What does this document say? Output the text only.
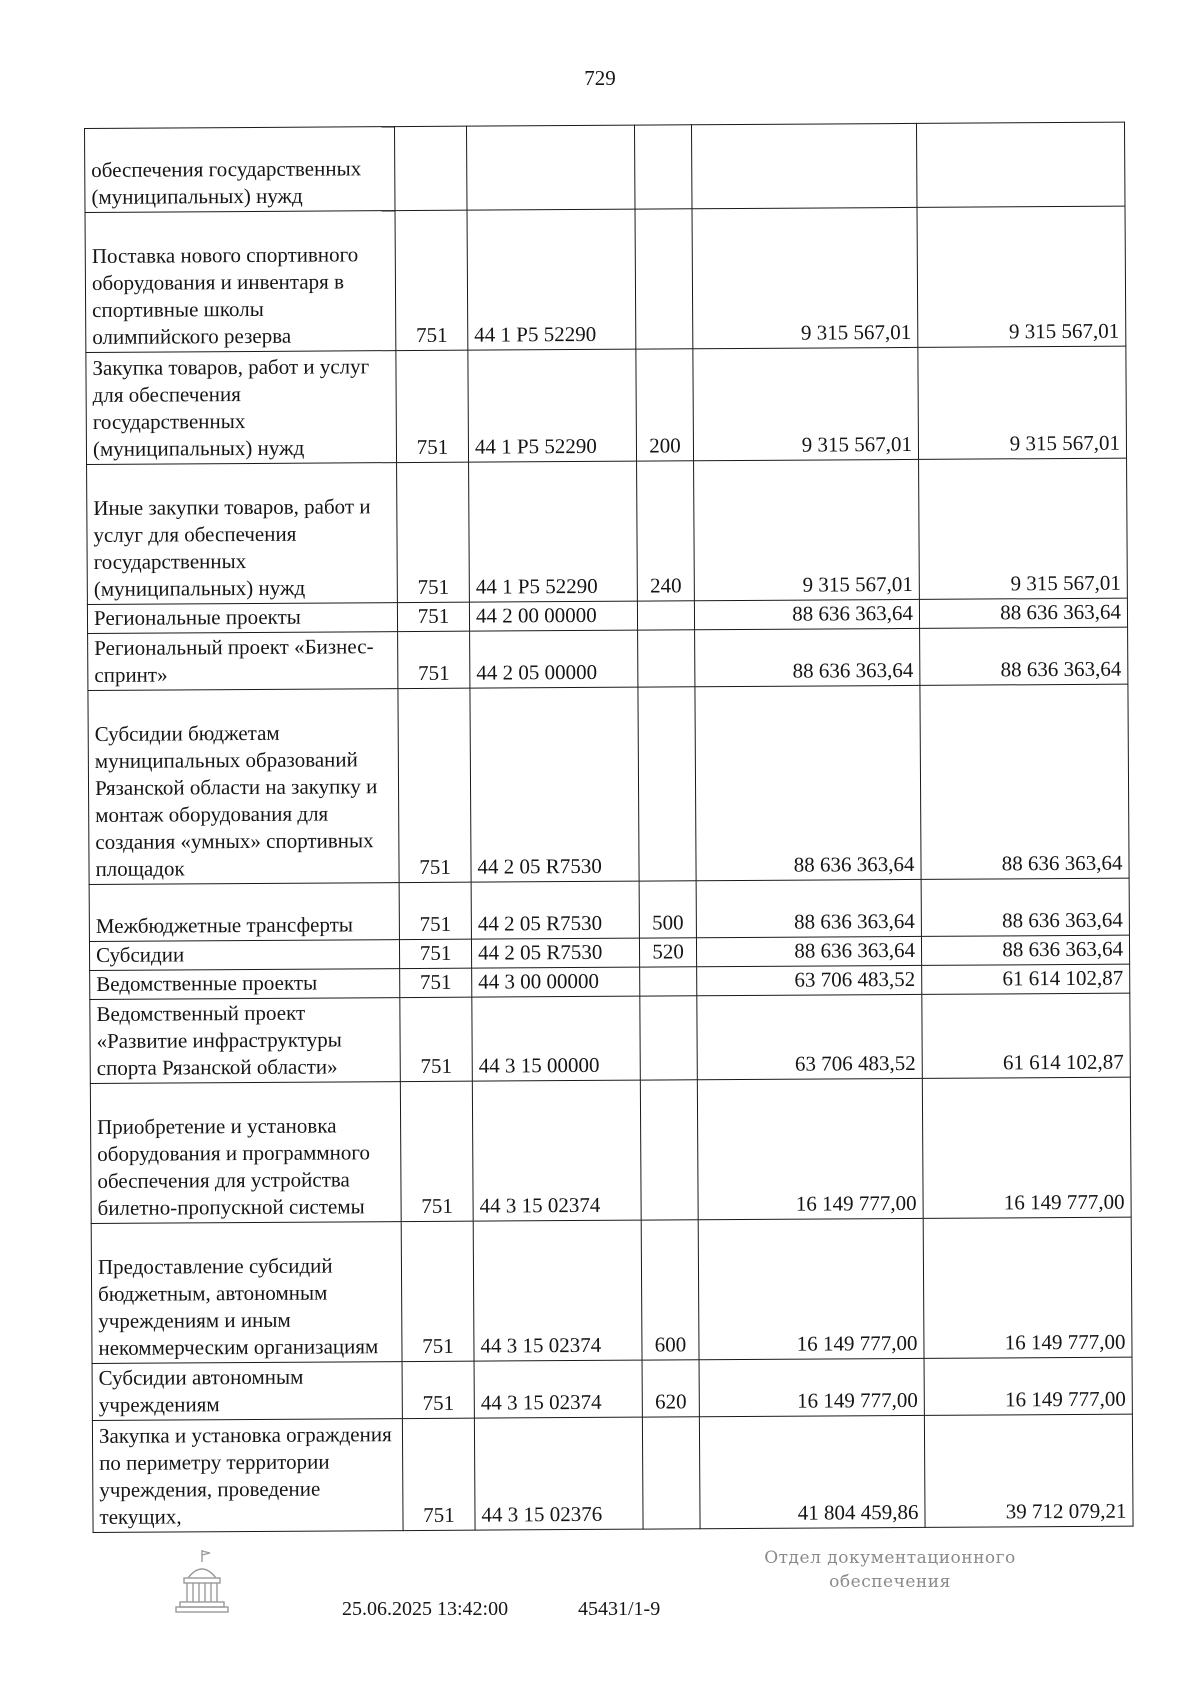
729
обеспечения государственных (муниципальных) нужд					
Поставка нового спортивного оборудования и инвентаря в спортивные школы олимпийского резерва	751	44 1 P5 52290		9 315 567,01	9 315 567,01
Закупка товаров, работ и услуг для обеспечения государственных (муниципальных) нужд	751	44 1 P5 52290	200	9 315 567,01	9 315 567,01
Иные закупки товаров, работ и услуг для обеспечения государственных (муниципальных) нужд	751	44 1 P5 52290	240	9 315 567,01	9 315 567,01
Региональные проекты	751	44 2 00 00000		88 636 363,64	88 636 363,64
Региональный проект «Бизнес-спринт»	751	44 2 05 00000		88 636 363,64	88 636 363,64
Субсидии бюджетам муниципальных образований Рязанской области на закупку и монтаж оборудования для создания «умных» спортивных площадок	751	44 2 05 R7530		88 636 363,64	88 636 363,64
Межбюджетные трансферты	751	44 2 05 R7530	500	88 636 363,64	88 636 363,64
Субсидии	751	44 2 05 R7530	520	88 636 363,64	88 636 363,64
Ведомственные проекты	751	44 3 00 00000		63 706 483,52	61 614 102,87
Ведомственный проект «Развитие инфраструктуры спорта Рязанской области»	751	44 3 15 00000		63 706 483,52	61 614 102,87
Приобретение и установка оборудования и программного обеспечения для устройства билетно-пропускной системы	751	44 3 15 02374		16 149 777,00	16 149 777,00
Предоставление субсидий бюджетным, автономным учреждениям и иным некоммерческим организациям	751	44 3 15 02374	600	16 149 777,00	16 149 777,00
Субсидии автономным учреждениям	751	44 3 15 02374	620	16 149 777,00	16 149 777,00
Закупка и установка ограждения по периметру территории учреждения, проведение текущих,	751	44 3 15 02376		41 804 459,86	39 712 079,21
25.06.2025 13:42:00	45431/1-9
Отдел документационного
обеспечения
